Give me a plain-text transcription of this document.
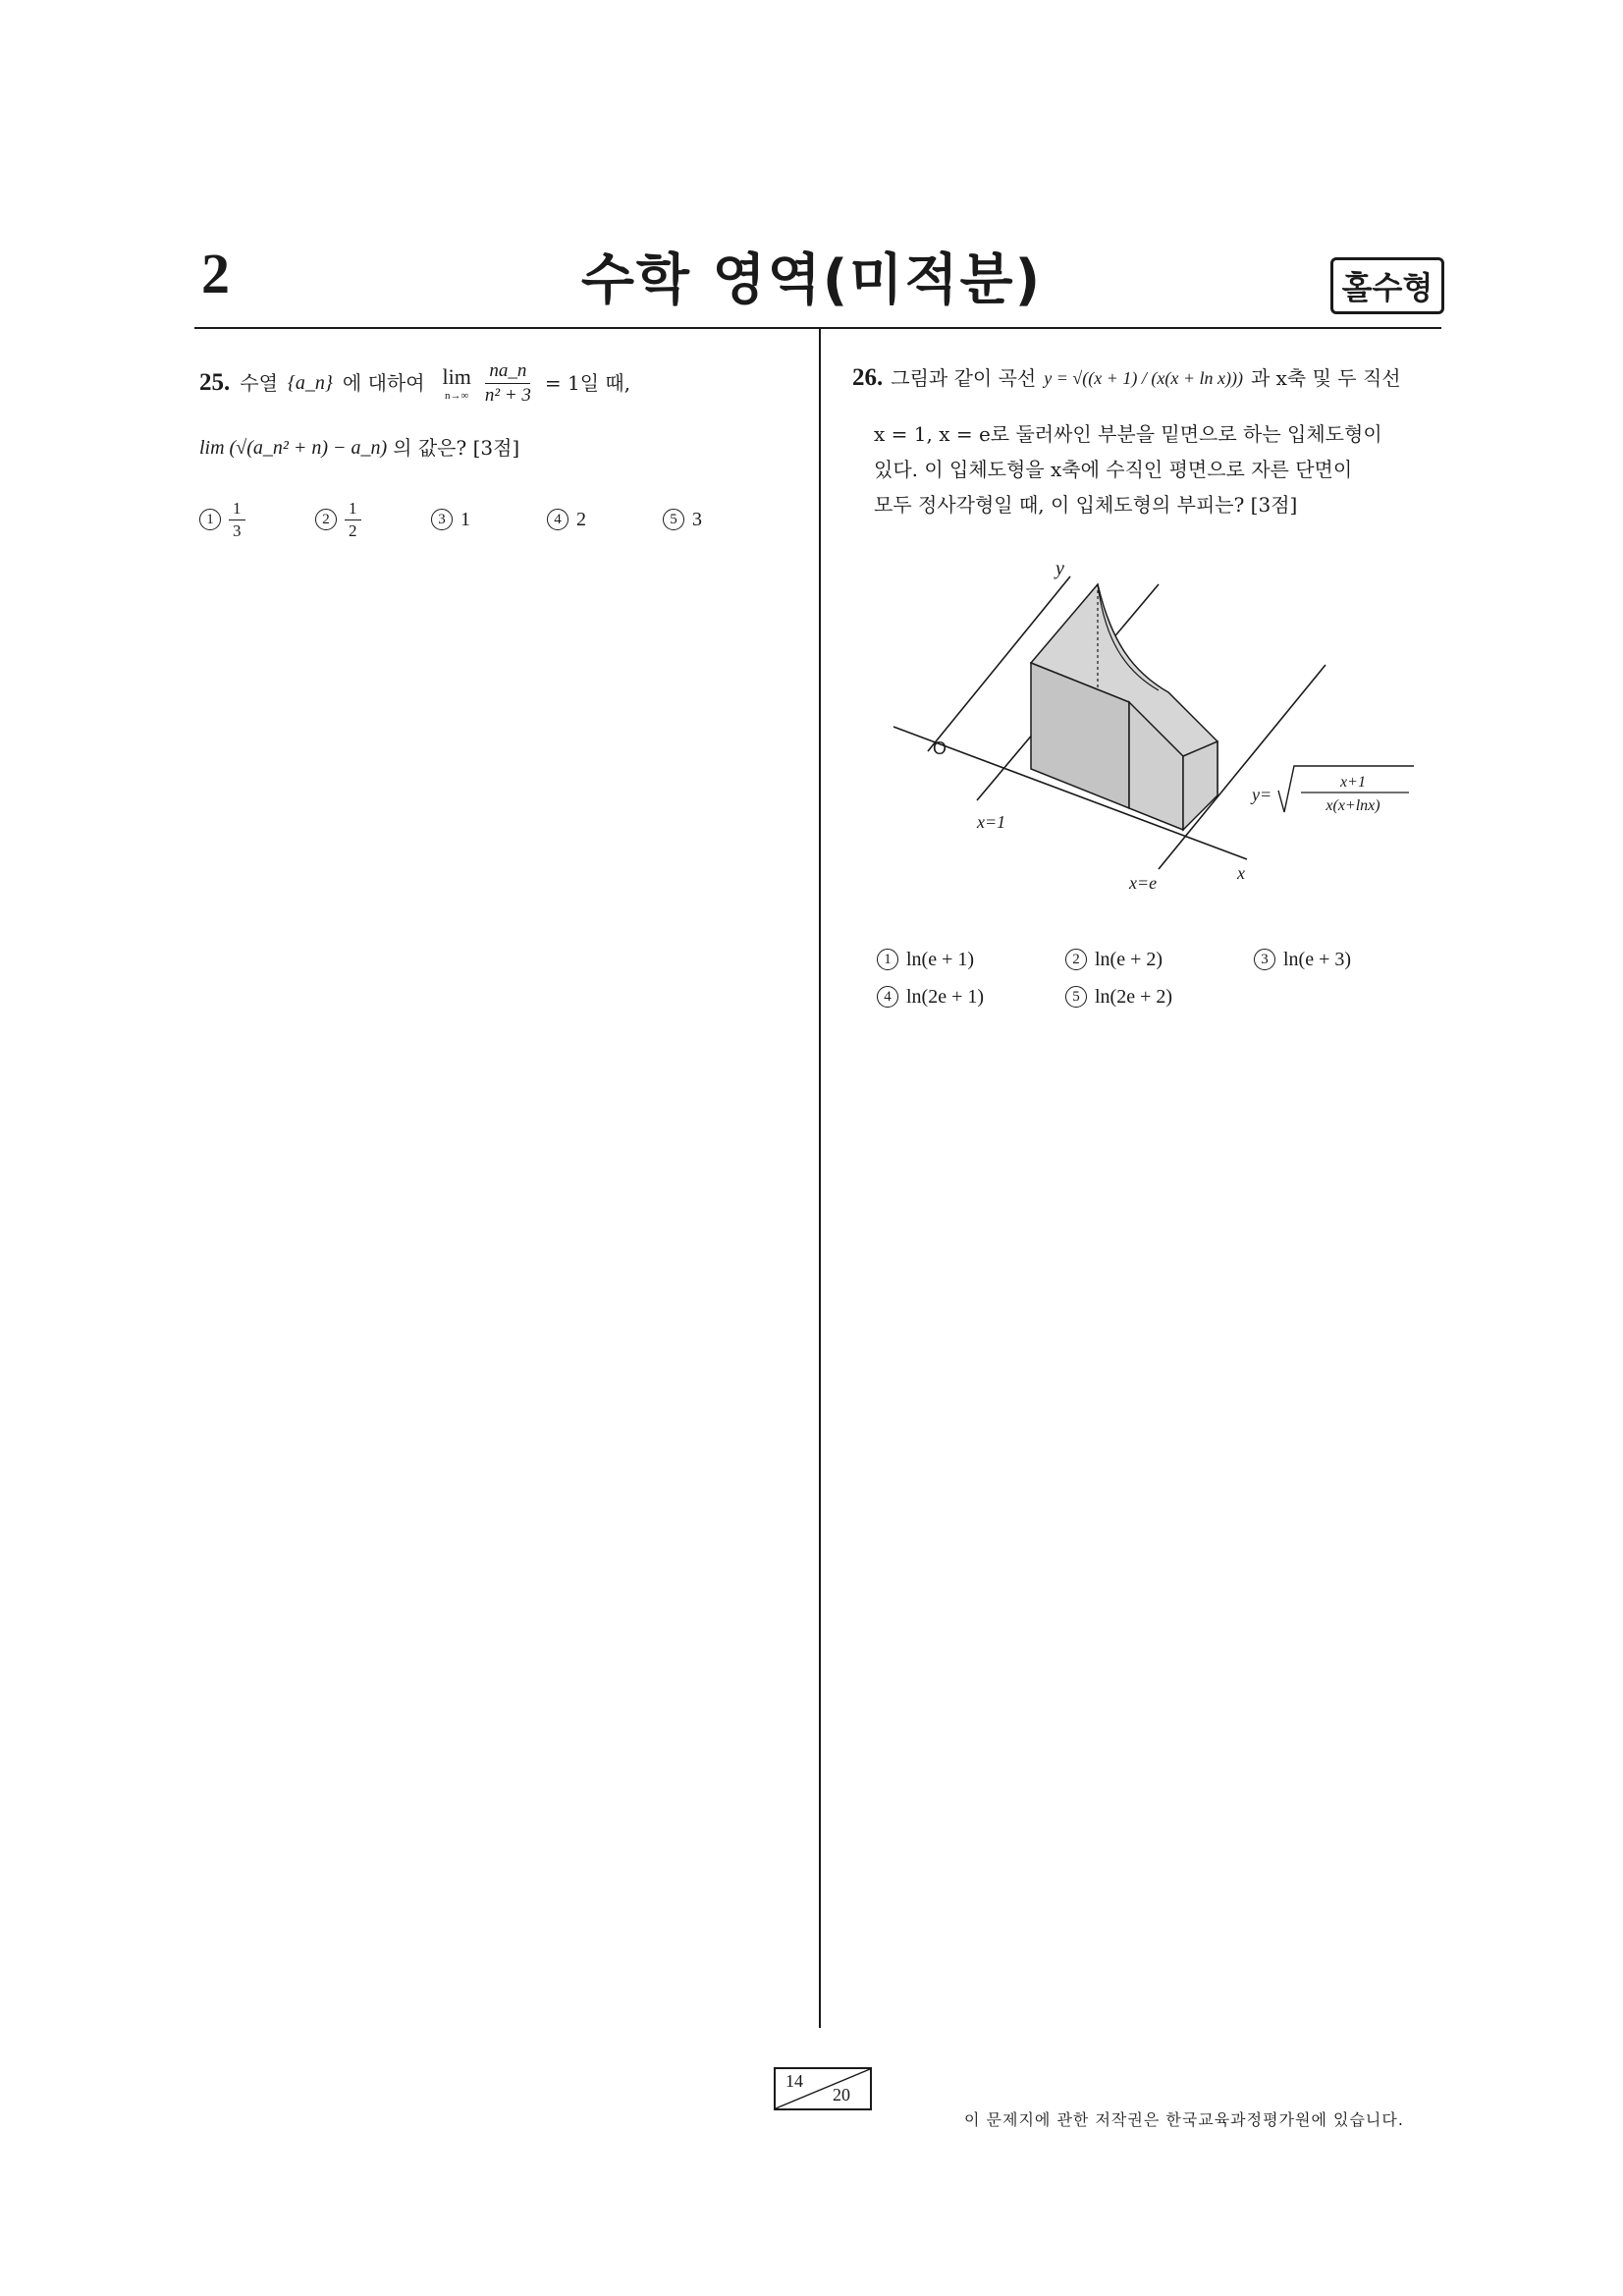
2	수학 영역(미적분)	홀수형
25. 수열 {a_n} 에 대하여 lim
$n\to\infty \frac{na\_n}{\text{n² + 3}} = 1$일 때,
lim (√(a_n² + n) − a_n) 의 값은? [3점]
$1 \frac{1}{3}$	$2 \frac{1}{2}$	3 1	4 2	5 3
26. 그림과 같이 곡선 y = √((x + 1) / (x(x + ln x))) 과 x축 및 두 직선
x = 1, x = e로 둘러싸인 부분을 밑면으로 하는 입체도형이
있다. 이 입체도형을 x축에 수직인 평면으로 자른 단면이
모두 정사각형일 때, 이 입체도형의 부피는? [3점]
y
O
x
x=1
x=e
y=
x+1
x(x+lnx)
1 ln(e + 1)	2 ln(e + 2)	3 ln(e + 3)
4 ln(2e + 1)	5 ln(2e + 2)
14
20
이 문제지에 관한 저작권은 한국교육과정평가원에 있습니다.
